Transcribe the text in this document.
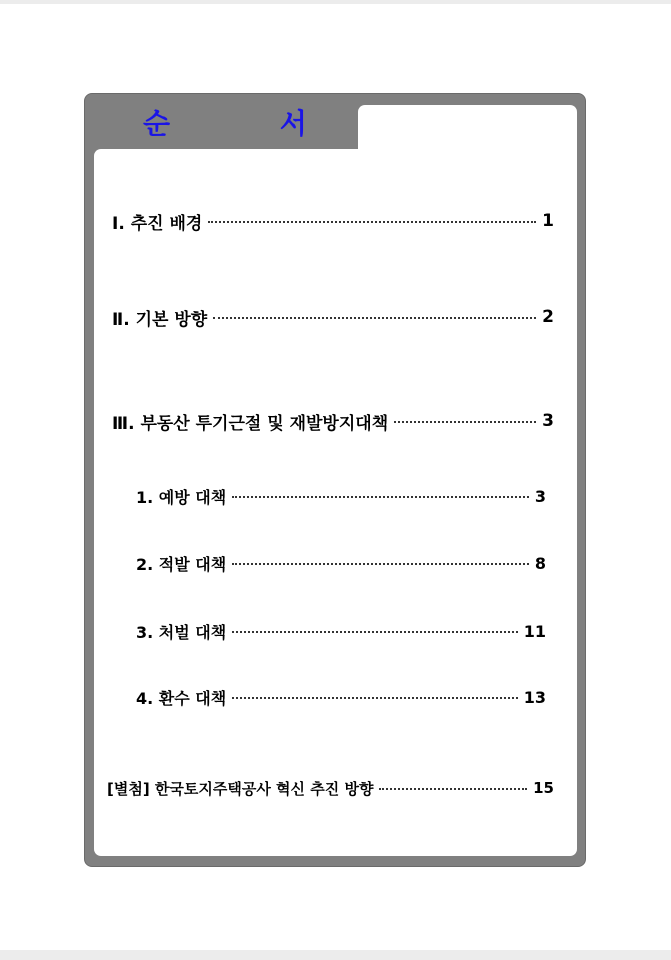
순 서
Ⅰ. 추진 배경	1
Ⅱ. 기본 방향	2
Ⅲ. 부동산 투기근절 및 재발방지대책	3
1. 예방 대책	3
2. 적발 대책	8
3. 처벌 대책	11
4. 환수 대책	13
[별첨] 한국토지주택공사 혁신 추진 방향	15
